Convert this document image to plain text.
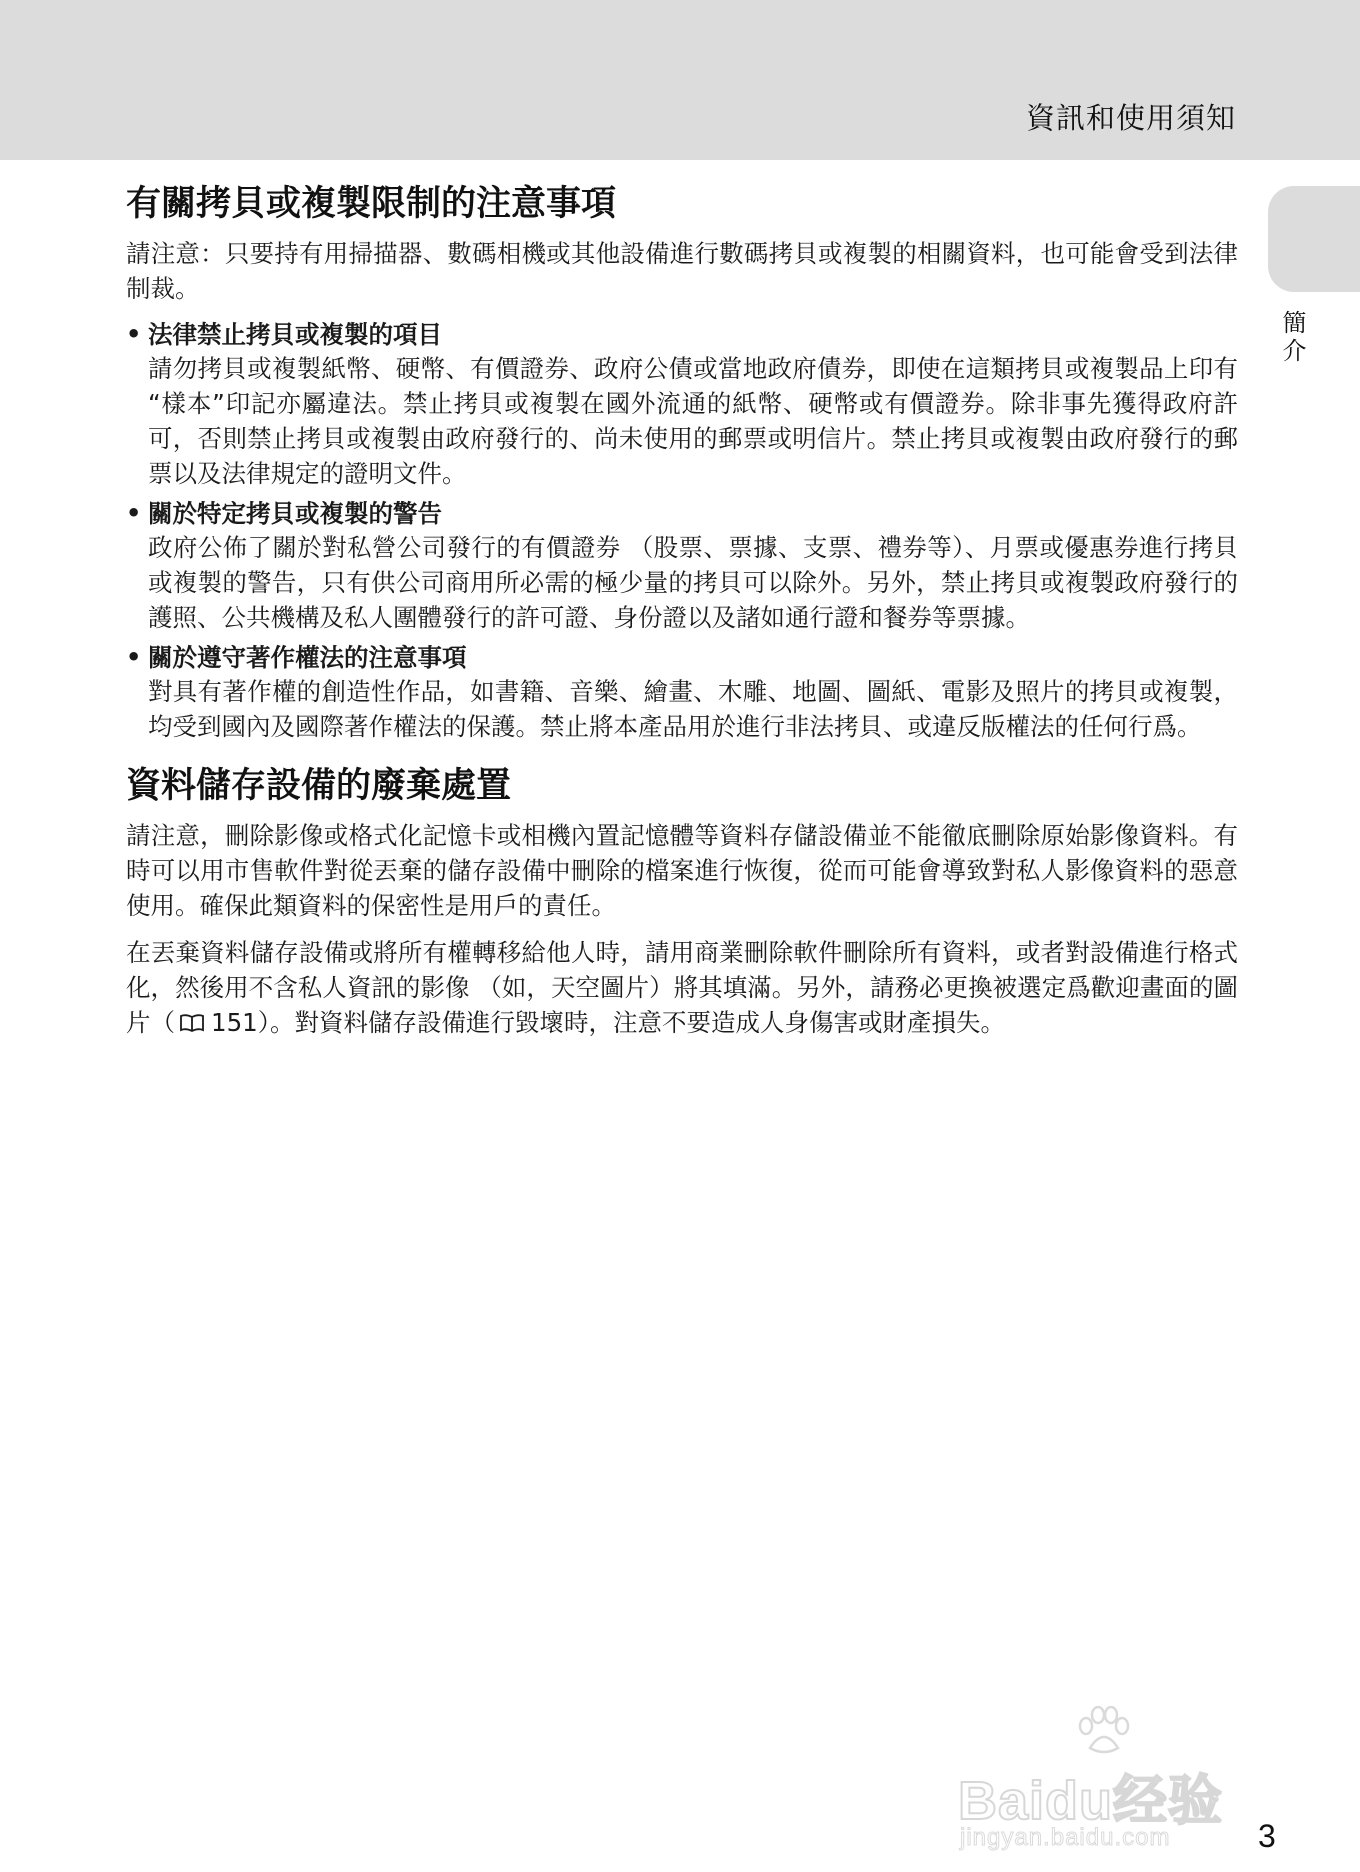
資訊和使用須知
簡介
有關拷貝或複製限制的注意事項

請注意：只要持有用掃描器、數碼相機或其他設備進行數碼拷貝或複製的相關資料，也可能會受到法律制裁。

• 法律禁止拷貝或複製的項目

請勿拷貝或複製紙幣、硬幣、有價證券、政府公債或當地政府債券，即使在這類拷貝或複製品上印有 “樣本”印記亦屬違法。禁止拷貝或複製在國外流通的紙幣、硬幣或有價證券。除非事先獲得政府許可，否則禁止拷貝或複製由政府發行的、尚未使用的郵票或明信片。禁止拷貝或複製由政府發行的郵票以及法律規定的證明文件。

• 關於特定拷貝或複製的警告

政府公佈了關於對私營公司發行的有價證券 （股票、票據、支票、禮券等）、月票或優惠券進行拷貝或複製的警告，只有供公司商用所必需的極少量的拷貝可以除外。另外，禁止拷貝或複製政府發行的護照、公共機構及私人團體發行的許可證、身份證以及諸如通行證和餐券等票據。

• 關於遵守著作權法的注意事項

對具有著作權的創造性作品，如書籍、音樂、繪畫、木雕、地圖、圖紙、電影及照片的拷貝或複製，均受到國內及國際著作權法的保護。禁止將本產品用於進行非法拷貝、或違反版權法的任何行爲。

資料儲存設備的廢棄處置

請注意，刪除影像或格式化記憶卡或相機內置記憶體等資料存儲設備並不能徹底刪除原始影像資料。有時可以用市售軟件對從丟棄的儲存設備中刪除的檔案進行恢復，從而可能會導致對私人影像資料的惡意使用。確保此類資料的保密性是用戶的責任。

在丟棄資料儲存設備或將所有權轉移給他人時，請用商業刪除軟件刪除所有資料，或者對設備進行格式化，然後用不含私人資訊的影像 （如，天空圖片）將其填滿。另外，請務必更換被選定爲歡迎畫面的圖片（ 151）。對資料儲存設備進行毀壞時，注意不要造成人身傷害或財產損失。

Baidu经验
jingyan.baidu.com	3
